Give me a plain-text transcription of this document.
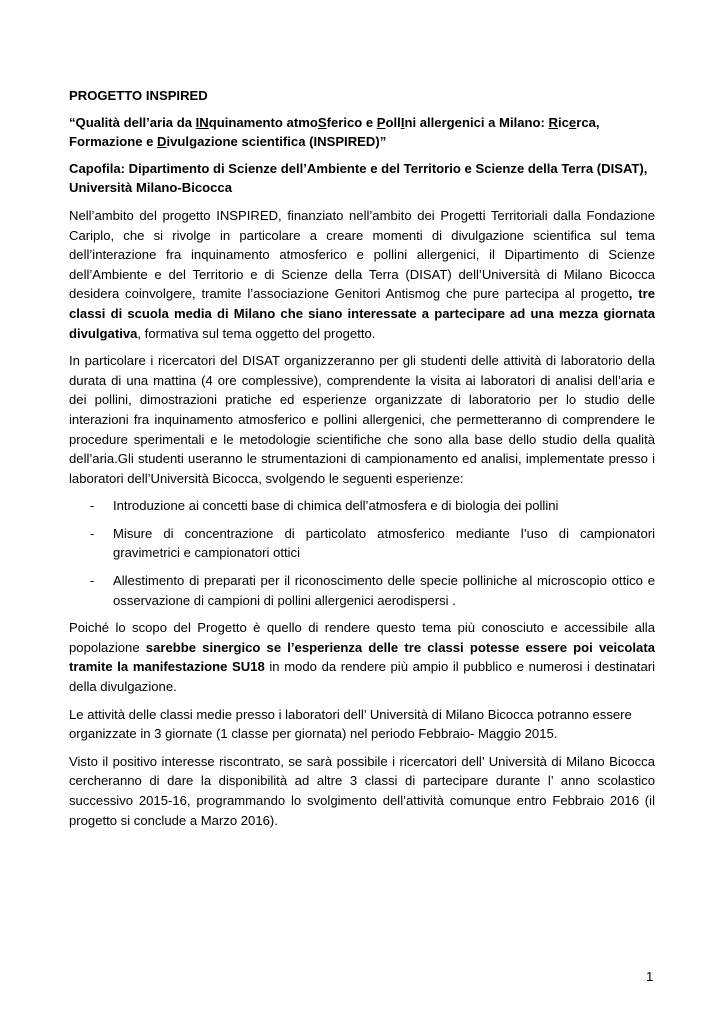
PROGETTO INSPIRED
“Qualità dell’aria da INquinamento atmoSferico e PollIni allergenici a Milano: Ricerca, Formazione e Divulgazione scientifica (INSPIRED)”
Capofila: Dipartimento di Scienze dell’Ambiente e del Territorio e Scienze della Terra (DISAT), Università Milano-Bicocca

Nell’ambito del progetto INSPIRED, finanziato nell’ambito dei Progetti Territoriali dalla Fondazione Cariplo, che si rivolge in particolare a creare momenti di divulgazione scientifica sul tema dell’interazione fra inquinamento atmosferico e pollini allergenici, il Dipartimento di Scienze dell’Ambiente e del Territorio e di Scienze della Terra (DISAT) dell’Università di Milano Bicocca desidera coinvolgere, tramite l’associazione Genitori Antismog che pure partecipa al progetto, tre classi di scuola media di Milano che siano interessate a partecipare ad una mezza giornata divulgativa, formativa sul tema oggetto del progetto.

In particolare i ricercatori del DISAT organizzeranno per gli studenti delle attività di laboratorio della durata di una mattina (4 ore complessive), comprendente la visita ai laboratori di analisi dell’aria e dei pollini, dimostrazioni pratiche ed esperienze organizzate di laboratorio per lo studio delle interazioni fra inquinamento atmosferico e pollini allergenici, che permetteranno di comprendere le procedure sperimentali e le metodologie scientifiche che sono alla base dello studio della qualità dell’aria.Gli studenti useranno le strumentazioni di campionamento ed analisi, implementate presso i laboratori dell’Università Bicocca, svolgendo le seguenti esperienze:

- Introduzione ai concetti base di chimica dell’atmosfera e di biologia dei pollini
- Misure di concentrazione di particolato atmosferico mediante l’uso di campionatori gravimetrici e campionatori ottici
- Allestimento di preparati per il riconoscimento delle specie polliniche al microscopio ottico e osservazione di campioni di pollini allergenici aerodispersi .

Poiché lo scopo del Progetto è quello di rendere questo tema più conosciuto e accessibile alla popolazione sarebbe sinergico se l’esperienza delle tre classi potesse essere poi veicolata tramite la manifestazione SU18 in modo da rendere più ampio il pubblico e numerosi i destinatari della divulgazione.

Le attività delle classi medie presso i laboratori dell’ Università di Milano Bicocca potranno essere organizzate in 3 giornate (1 classe per giornata) nel periodo Febbraio- Maggio 2015.

Visto il positivo interesse riscontrato, se sarà possibile i ricercatori dell’ Università di Milano Bicocca cercheranno di dare la disponibilità ad altre 3 classi di partecipare durante l’ anno scolastico successivo 2015-16, programmando lo svolgimento dell’attività comunque entro Febbraio 2016 (il progetto si conclude a Marzo 2016).

1
